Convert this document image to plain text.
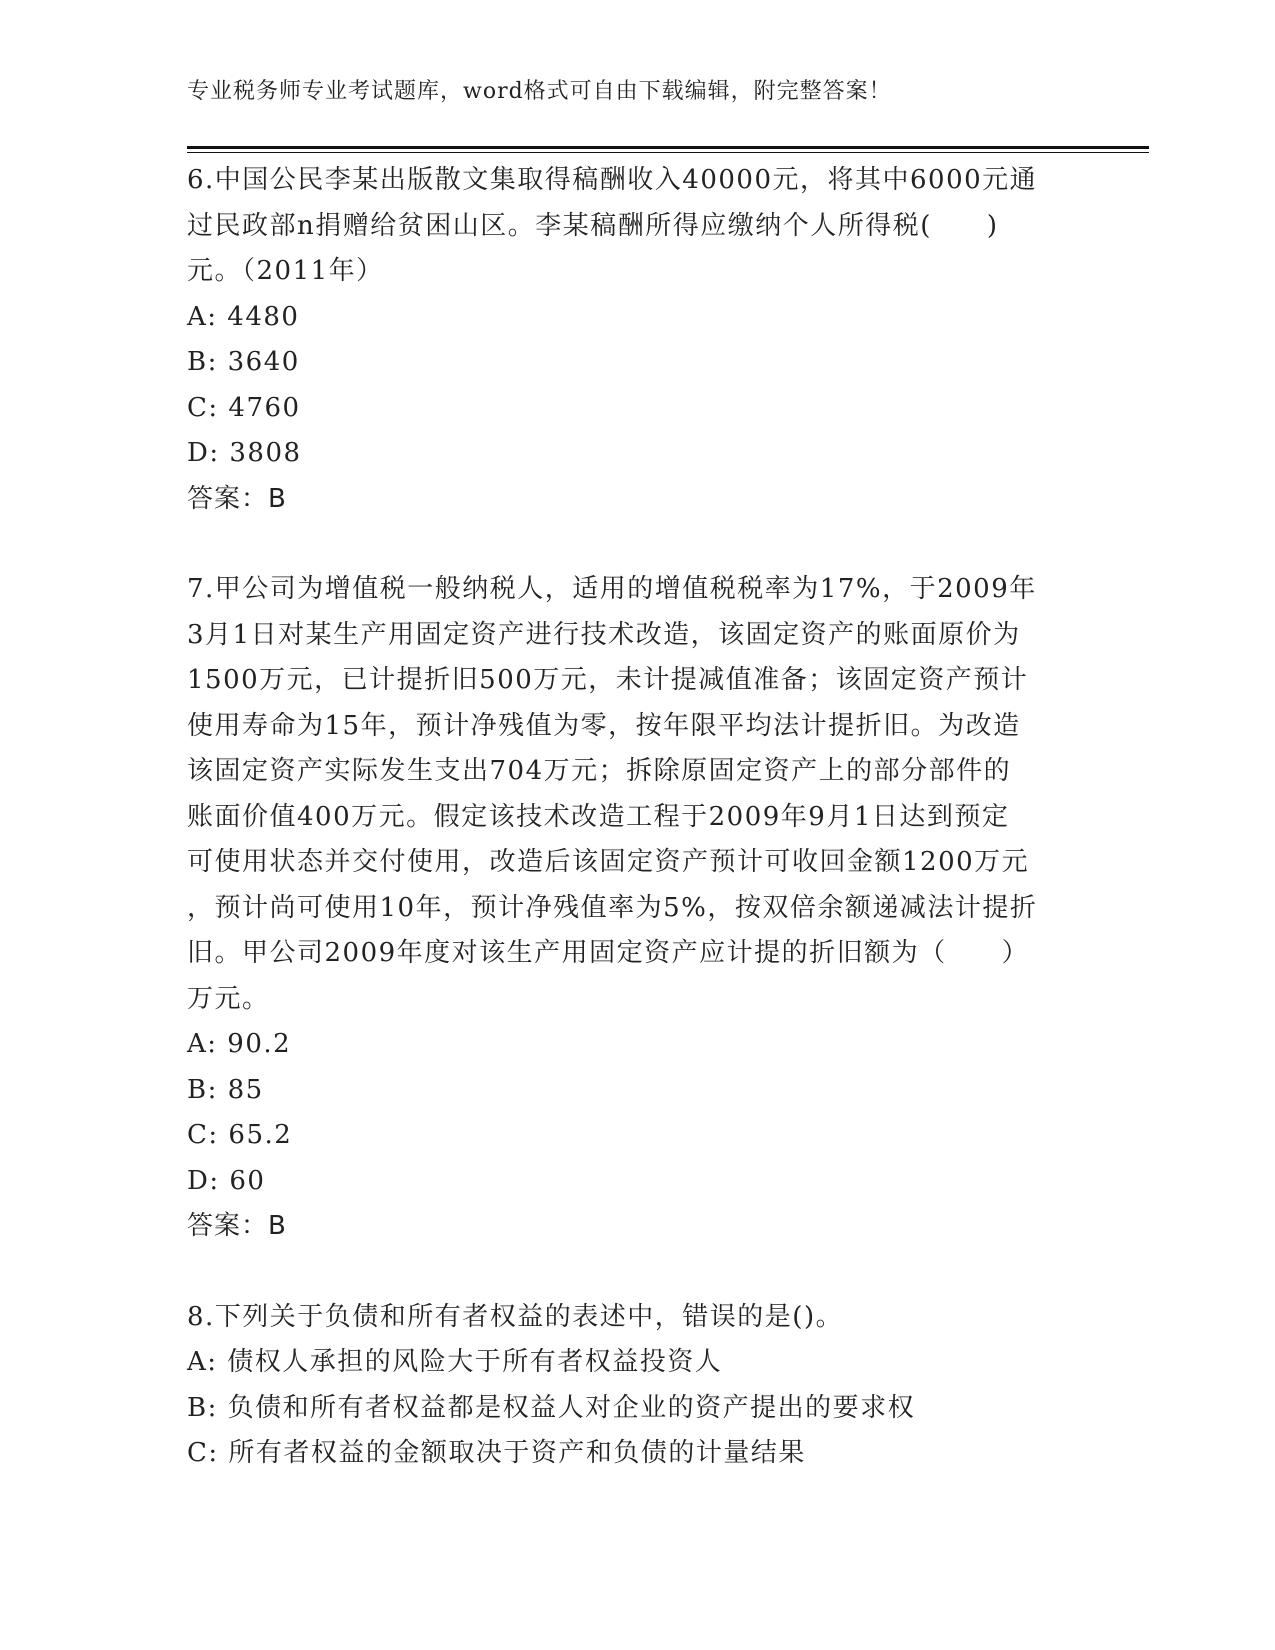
专业税务师专业考试题库，word格式可自由下载编辑，附完整答案！
6.中国公民李某出版散文集取得稿酬收入40000元，将其中6000元通
过民政部n捐赠给贫困山区。李某稿酬所得应缴纳个人所得税(　　)
元。（2011年）
A: 4480
B: 3640
C: 4760
D: 3808
答案：B
7.甲公司为增值税一般纳税人，适用的增值税税率为17%，于2009年
3月1日对某生产用固定资产进行技术改造，该固定资产的账面原价为
1500万元，已计提折旧500万元，未计提减值准备；该固定资产预计
使用寿命为15年，预计净残值为零，按年限平均法计提折旧。为改造
该固定资产实际发生支出704万元；拆除原固定资产上的部分部件的
账面价值400万元。假定该技术改造工程于2009年9月1日达到预定
可使用状态并交付使用，改造后该固定资产预计可收回金额1200万元
，预计尚可使用10年，预计净残值率为5%，按双倍余额递减法计提折
旧。甲公司2009年度对该生产用固定资产应计提的折旧额为（　　）
万元。
A: 90.2
B: 85
C: 65.2
D: 60
答案：B
8.下列关于负债和所有者权益的表述中，错误的是()。
A: 债权人承担的风险大于所有者权益投资人
B: 负债和所有者权益都是权益人对企业的资产提出的要求权
C: 所有者权益的金额取决于资产和负债的计量结果
